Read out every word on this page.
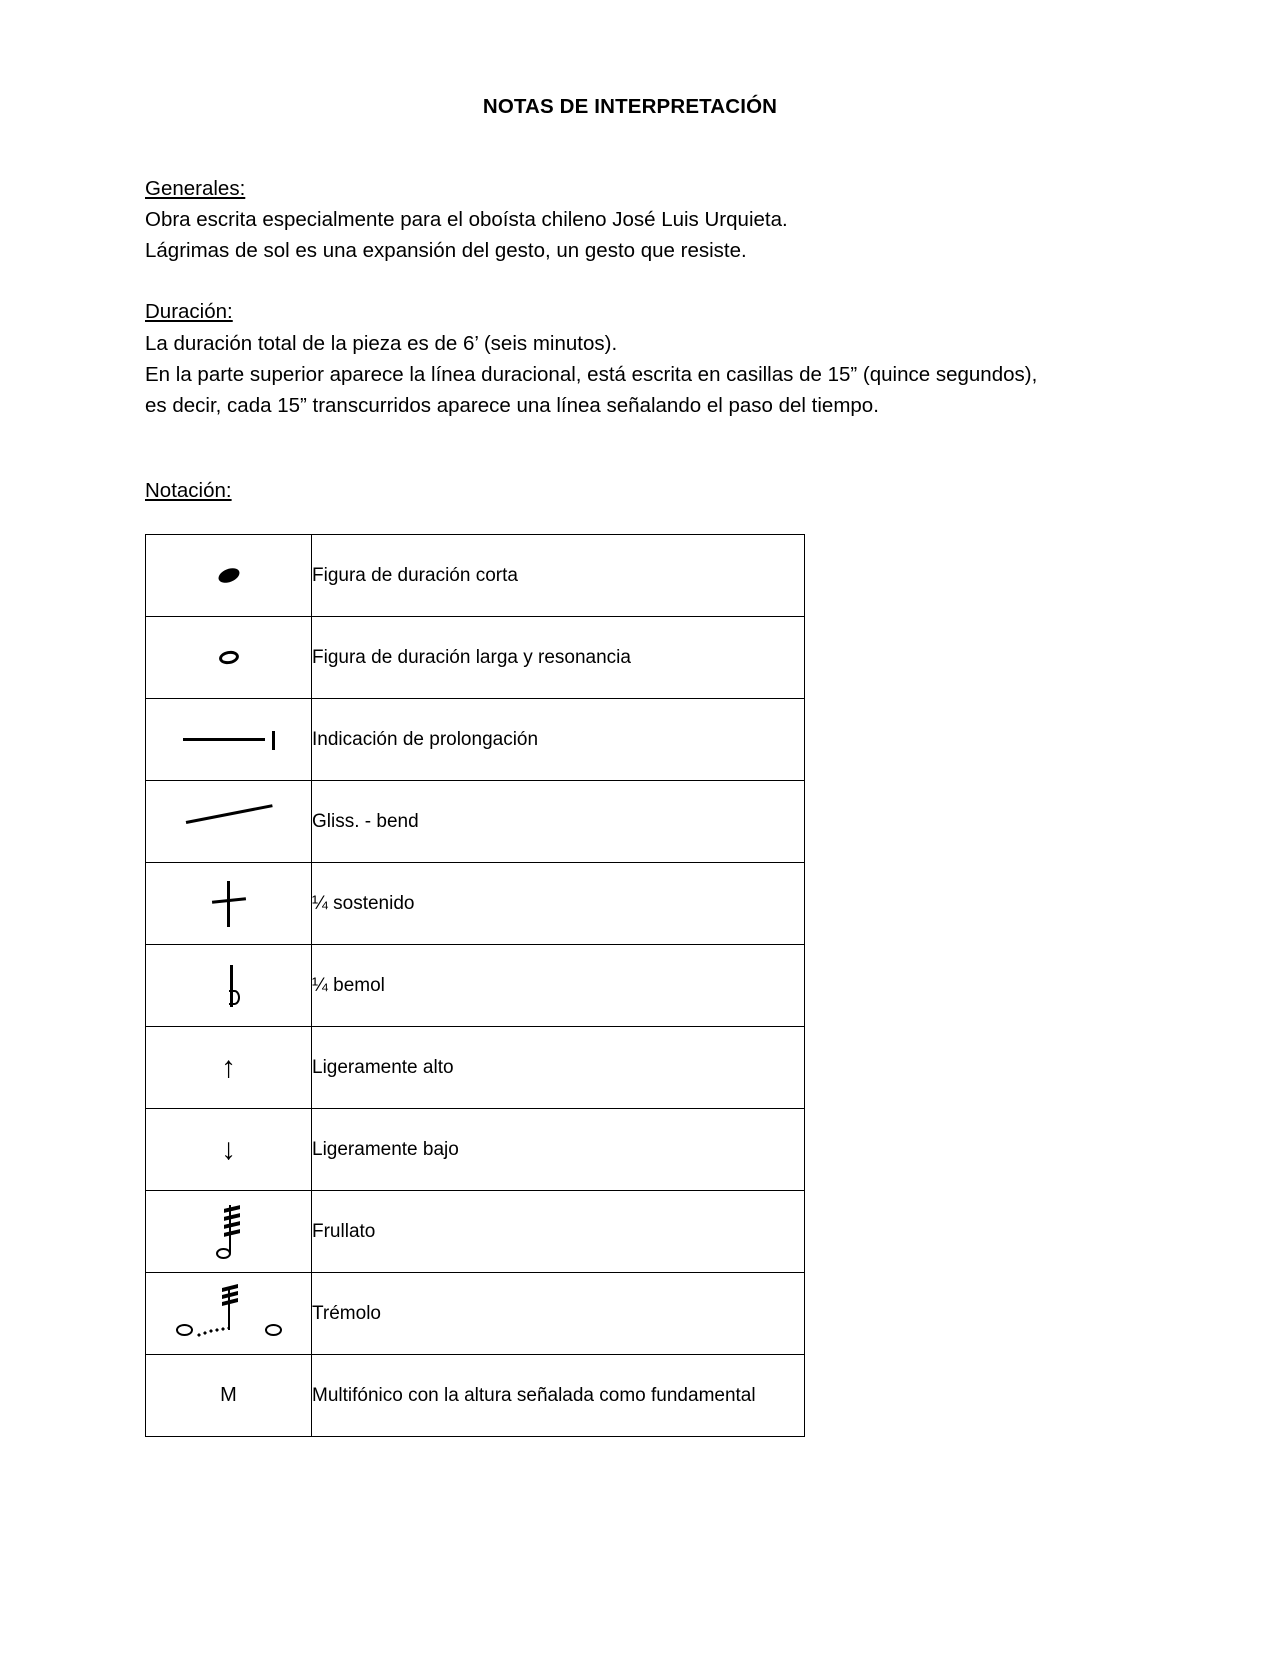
NOTAS DE INTERPRETACIÓN
Generales:
Obra escrita especialmente para el oboísta chileno José Luis Urquieta.
Lágrimas de sol es una expansión del gesto, un gesto que resiste.
Duración:
La duración total de la pieza es de 6’ (seis minutos).
En la parte superior aparece la línea duracional, está escrita en casillas de 15” (quince segundos),
es decir, cada 15” transcurridos aparece una línea señalando el paso del tiempo.
Notación:
	Figura de duración corta

	Figura de duración larga y resonancia

	Indicación de prolongación

	Gliss. - bend

	¼ sostenido

	¼ bemol

↑	Ligeramente alto

↓	Ligeramente bajo

	Frullato

	Trémolo

M	Multifónico con la altura señalada como fundamental
